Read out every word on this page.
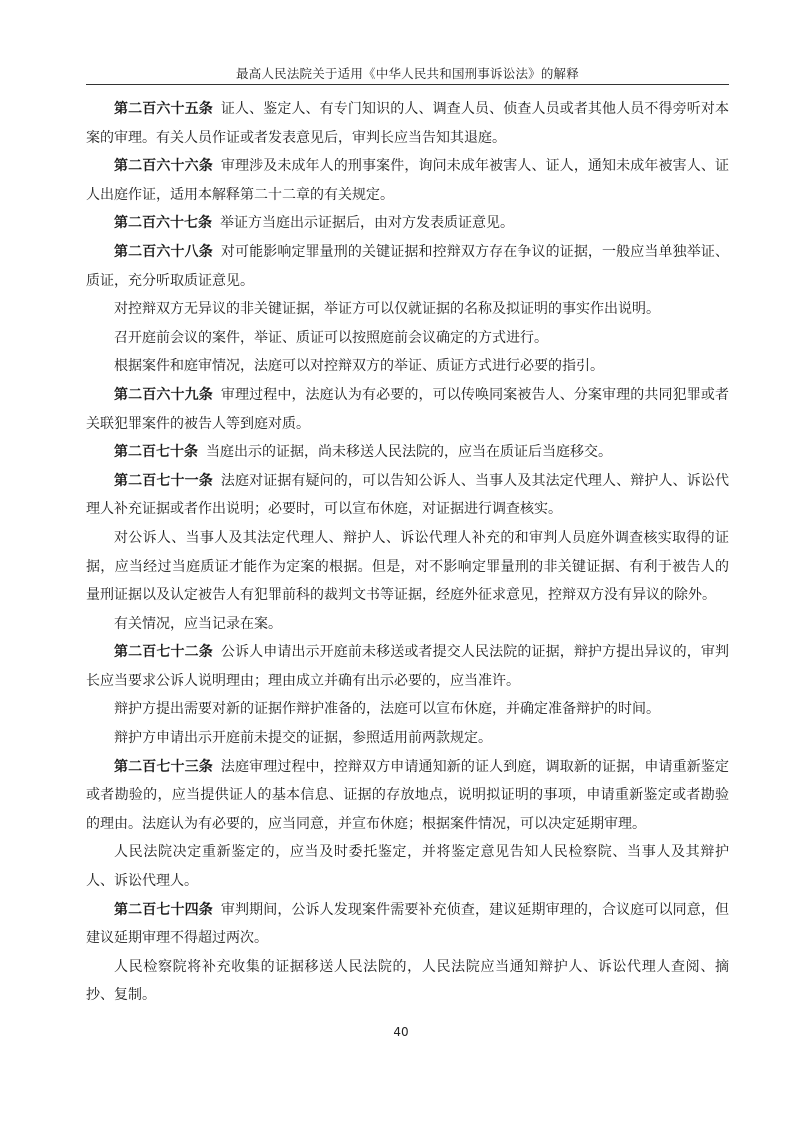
最高人民法院关于适用《中华人民共和国刑事诉讼法》的解释

第二百六十五条 证人、鉴定人、有专门知识的人、调查人员、侦查人员或者其他人员不得旁听对本案的审理。有关人员作证或者发表意见后，审判长应当告知其退庭。

第二百六十六条 审理涉及未成年人的刑事案件，询问未成年被害人、证人，通知未成年被害人、证人出庭作证，适用本解释第二十二章的有关规定。

第二百六十七条 举证方当庭出示证据后，由对方发表质证意见。

第二百六十八条 对可能影响定罪量刑的关键证据和控辩双方存在争议的证据，一般应当单独举证、质证，充分听取质证意见。

对控辩双方无异议的非关键证据，举证方可以仅就证据的名称及拟证明的事实作出说明。

召开庭前会议的案件，举证、质证可以按照庭前会议确定的方式进行。

根据案件和庭审情况，法庭可以对控辩双方的举证、质证方式进行必要的指引。

第二百六十九条 审理过程中，法庭认为有必要的，可以传唤同案被告人、分案审理的共同犯罪或者关联犯罪案件的被告人等到庭对质。

第二百七十条 当庭出示的证据，尚未移送人民法院的，应当在质证后当庭移交。

第二百七十一条 法庭对证据有疑问的，可以告知公诉人、当事人及其法定代理人、辩护人、诉讼代理人补充证据或者作出说明；必要时，可以宣布休庭，对证据进行调查核实。

对公诉人、当事人及其法定代理人、辩护人、诉讼代理人补充的和审判人员庭外调查核实取得的证据，应当经过当庭质证才能作为定案的根据。但是，对不影响定罪量刑的非关键证据、有利于被告人的量刑证据以及认定被告人有犯罪前科的裁判文书等证据，经庭外征求意见，控辩双方没有异议的除外。

有关情况，应当记录在案。

第二百七十二条 公诉人申请出示开庭前未移送或者提交人民法院的证据，辩护方提出异议的，审判长应当要求公诉人说明理由；理由成立并确有出示必要的，应当准许。

辩护方提出需要对新的证据作辩护准备的，法庭可以宣布休庭，并确定准备辩护的时间。

辩护方申请出示开庭前未提交的证据，参照适用前两款规定。

第二百七十三条 法庭审理过程中，控辩双方申请通知新的证人到庭，调取新的证据，申请重新鉴定或者勘验的，应当提供证人的基本信息、证据的存放地点，说明拟证明的事项，申请重新鉴定或者勘验的理由。法庭认为有必要的，应当同意，并宣布休庭；根据案件情况，可以决定延期审理。

人民法院决定重新鉴定的，应当及时委托鉴定，并将鉴定意见告知人民检察院、当事人及其辩护人、诉讼代理人。

第二百七十四条 审判期间，公诉人发现案件需要补充侦查，建议延期审理的，合议庭可以同意，但建议延期审理不得超过两次。

人民检察院将补充收集的证据移送人民法院的，人民法院应当通知辩护人、诉讼代理人查阅、摘抄、复制。

40
